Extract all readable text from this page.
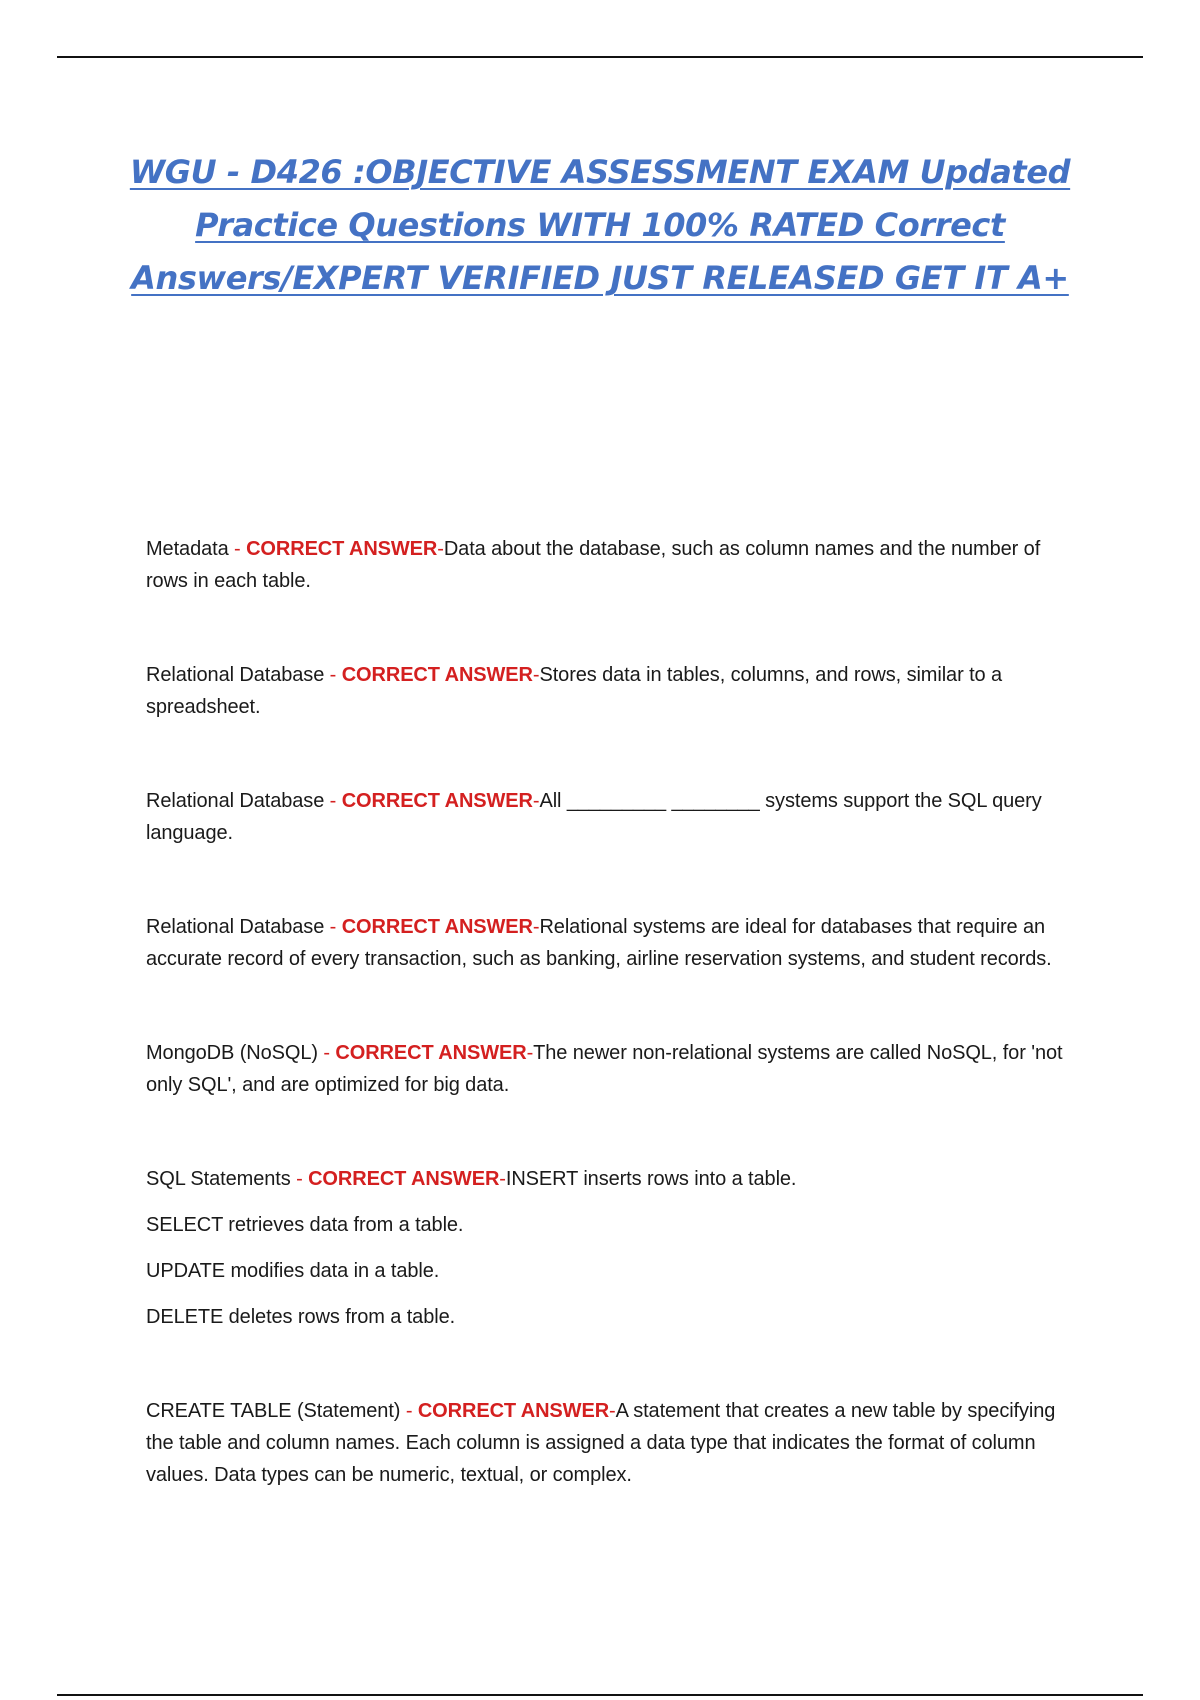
WGU - D426 :OBJECTIVE ASSESSMENT EXAM Updated
Practice Questions WITH 100% RATED Correct
Answers/EXPERT VERIFIED JUST RELEASED GET IT A+

Metadata - CORRECT ANSWER-Data about the database, such as column names and the number of rows in each table.

Relational Database - CORRECT ANSWER-Stores data in tables, columns, and rows, similar to a spreadsheet.

Relational Database - CORRECT ANSWER-All _________ ________ systems support the SQL query language.

Relational Database - CORRECT ANSWER-Relational systems are ideal for databases that require an accurate record of every transaction, such as banking, airline reservation systems, and student records.

MongoDB (NoSQL) - CORRECT ANSWER-The newer non-relational systems are called NoSQL, for 'not only SQL', and are optimized for big data.

SQL Statements - CORRECT ANSWER-INSERT inserts rows into a table.
SELECT retrieves data from a table.
UPDATE modifies data in a table.
DELETE deletes rows from a table.

CREATE TABLE (Statement) - CORRECT ANSWER-A statement that creates a new table by specifying the table and column names. Each column is assigned a data type that indicates the format of column values. Data types can be numeric, textual, or complex.
